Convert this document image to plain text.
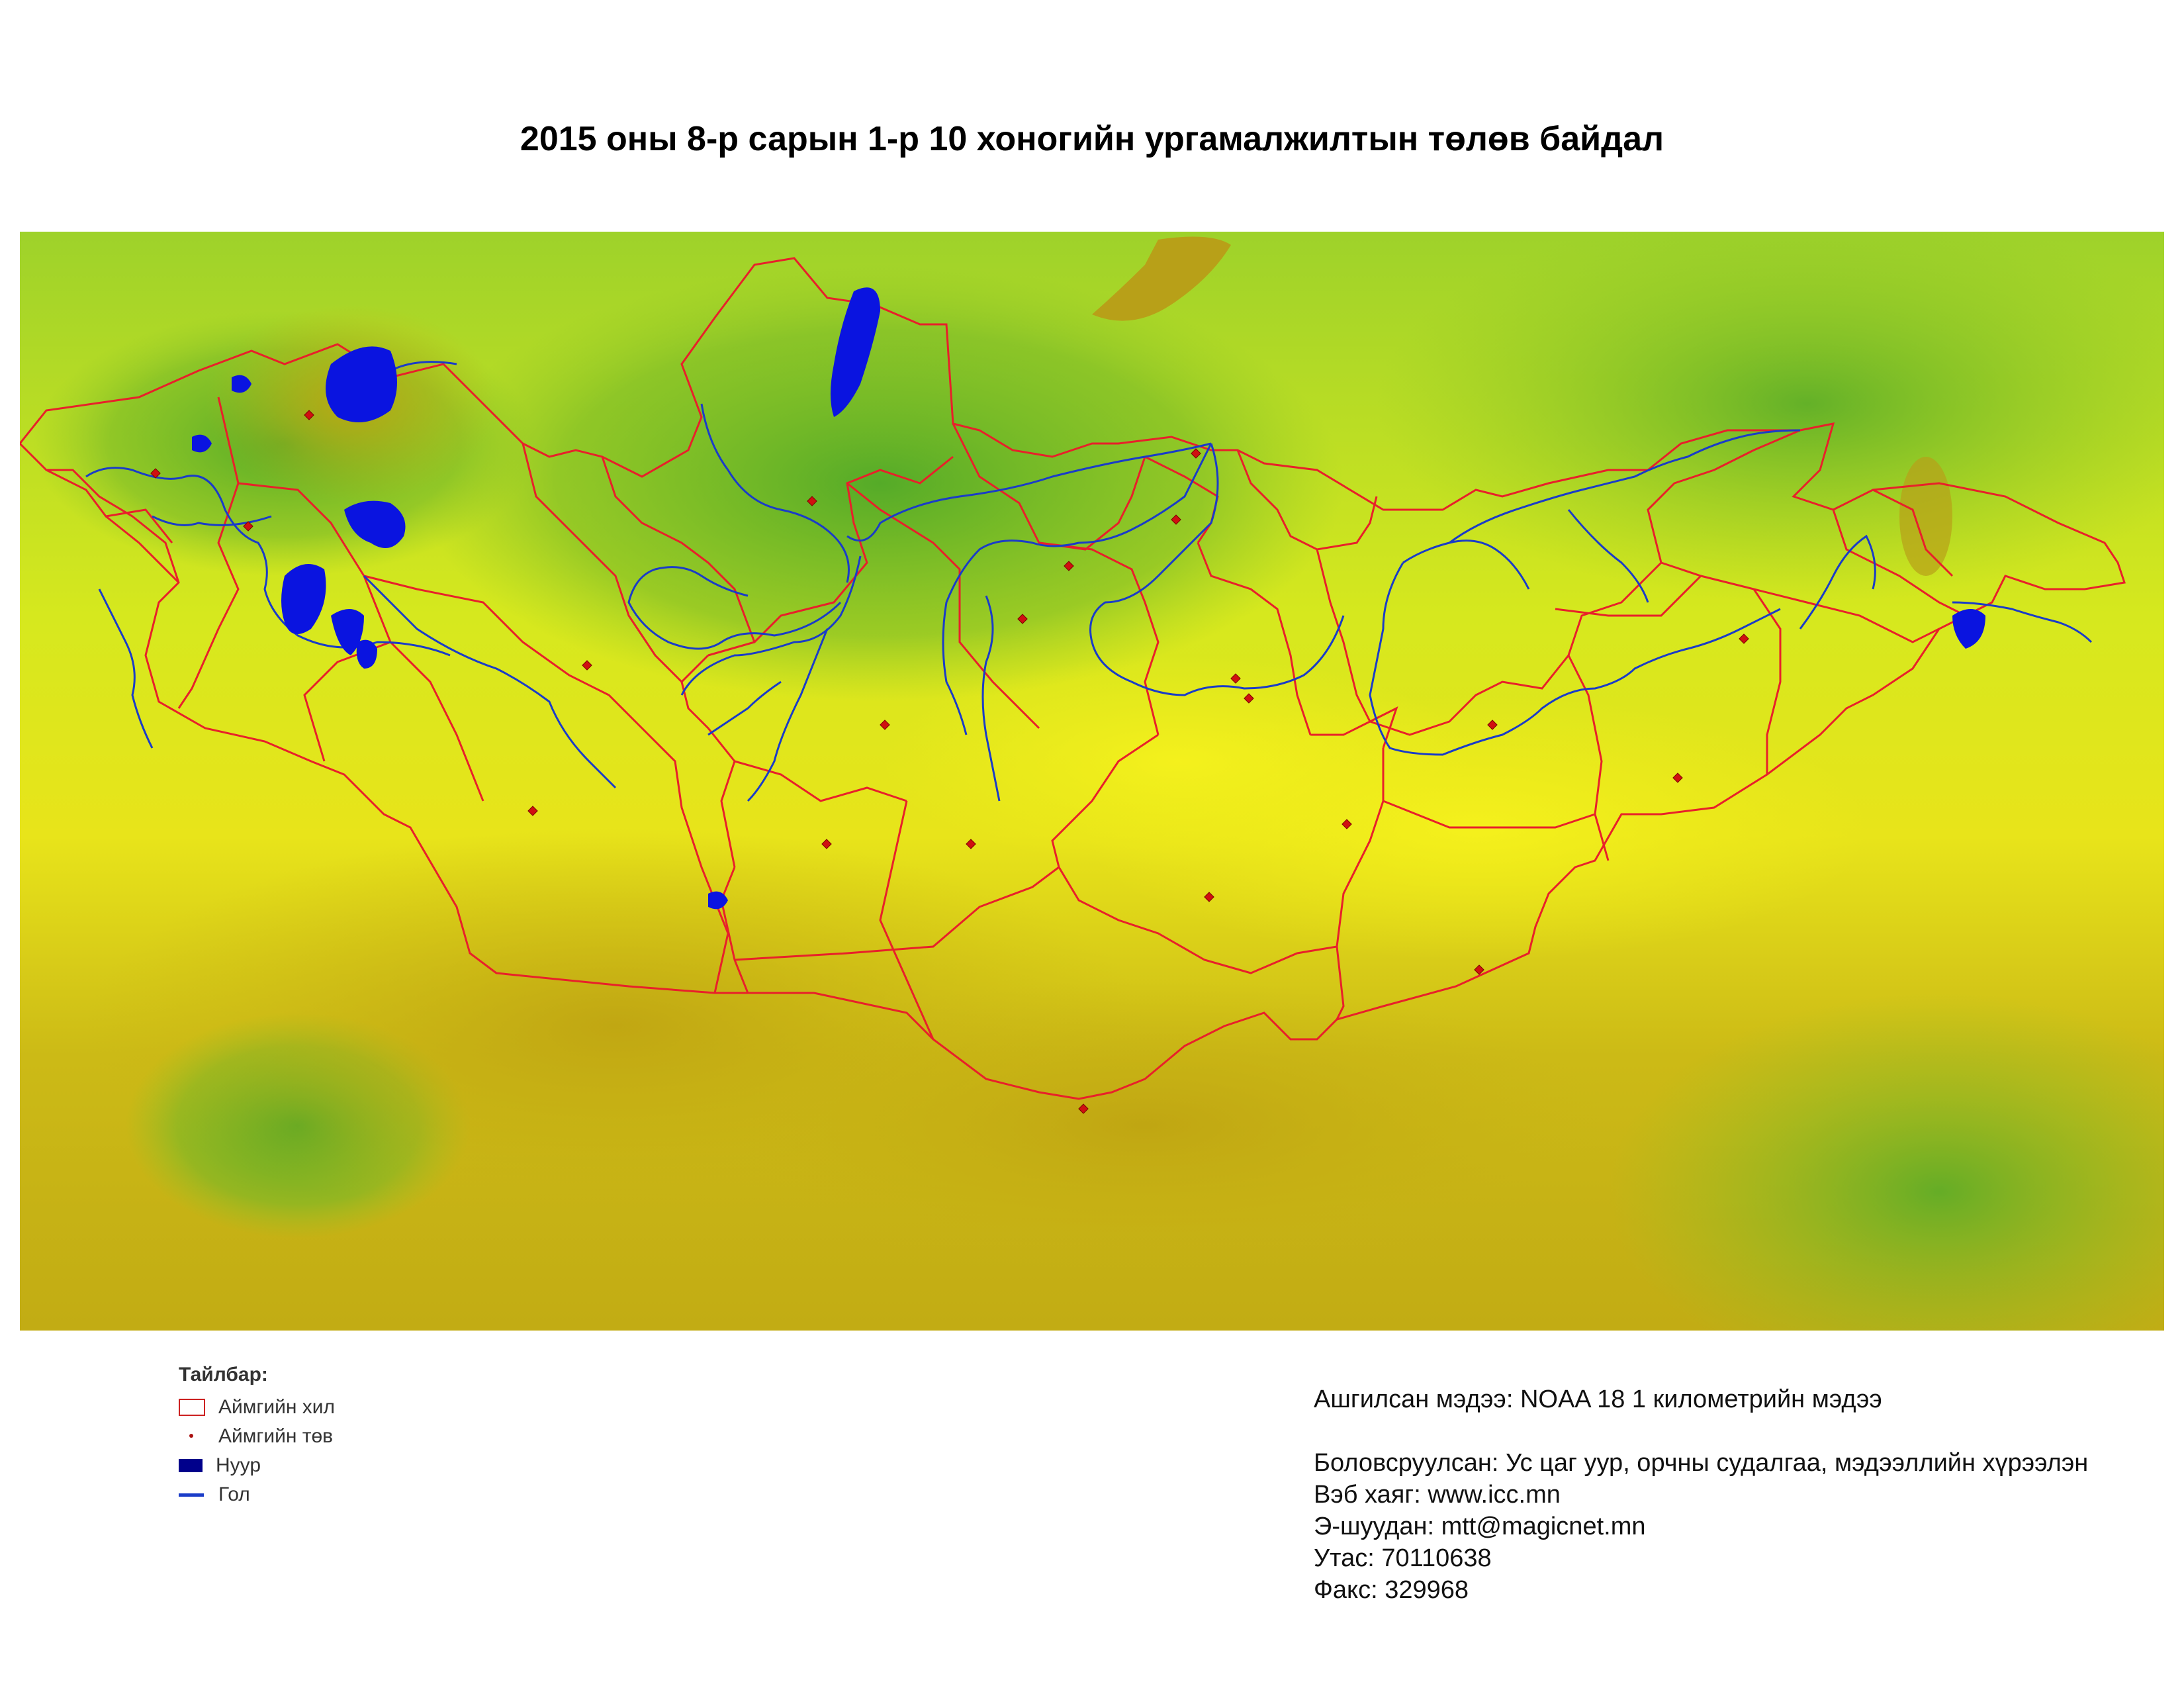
2015 оны 8-р сарын 1-р 10 хоногийн ургамалжилтын төлөв байдал
Тайлбар:
Аймгийн хил
Аймгийн төв
Нуур
Гол
Ашгилсан мэдээ: NOAA 18 1 километрийн мэдээ
Боловсруулсан: Ус цаг уур, орчны судалгаа, мэдээллийн хүрээлэн
Вэб хаяг: www.icc.mn
Э-шуудан: mtt@magicnet.mn
Утас: 70110638
Факс: 329968
